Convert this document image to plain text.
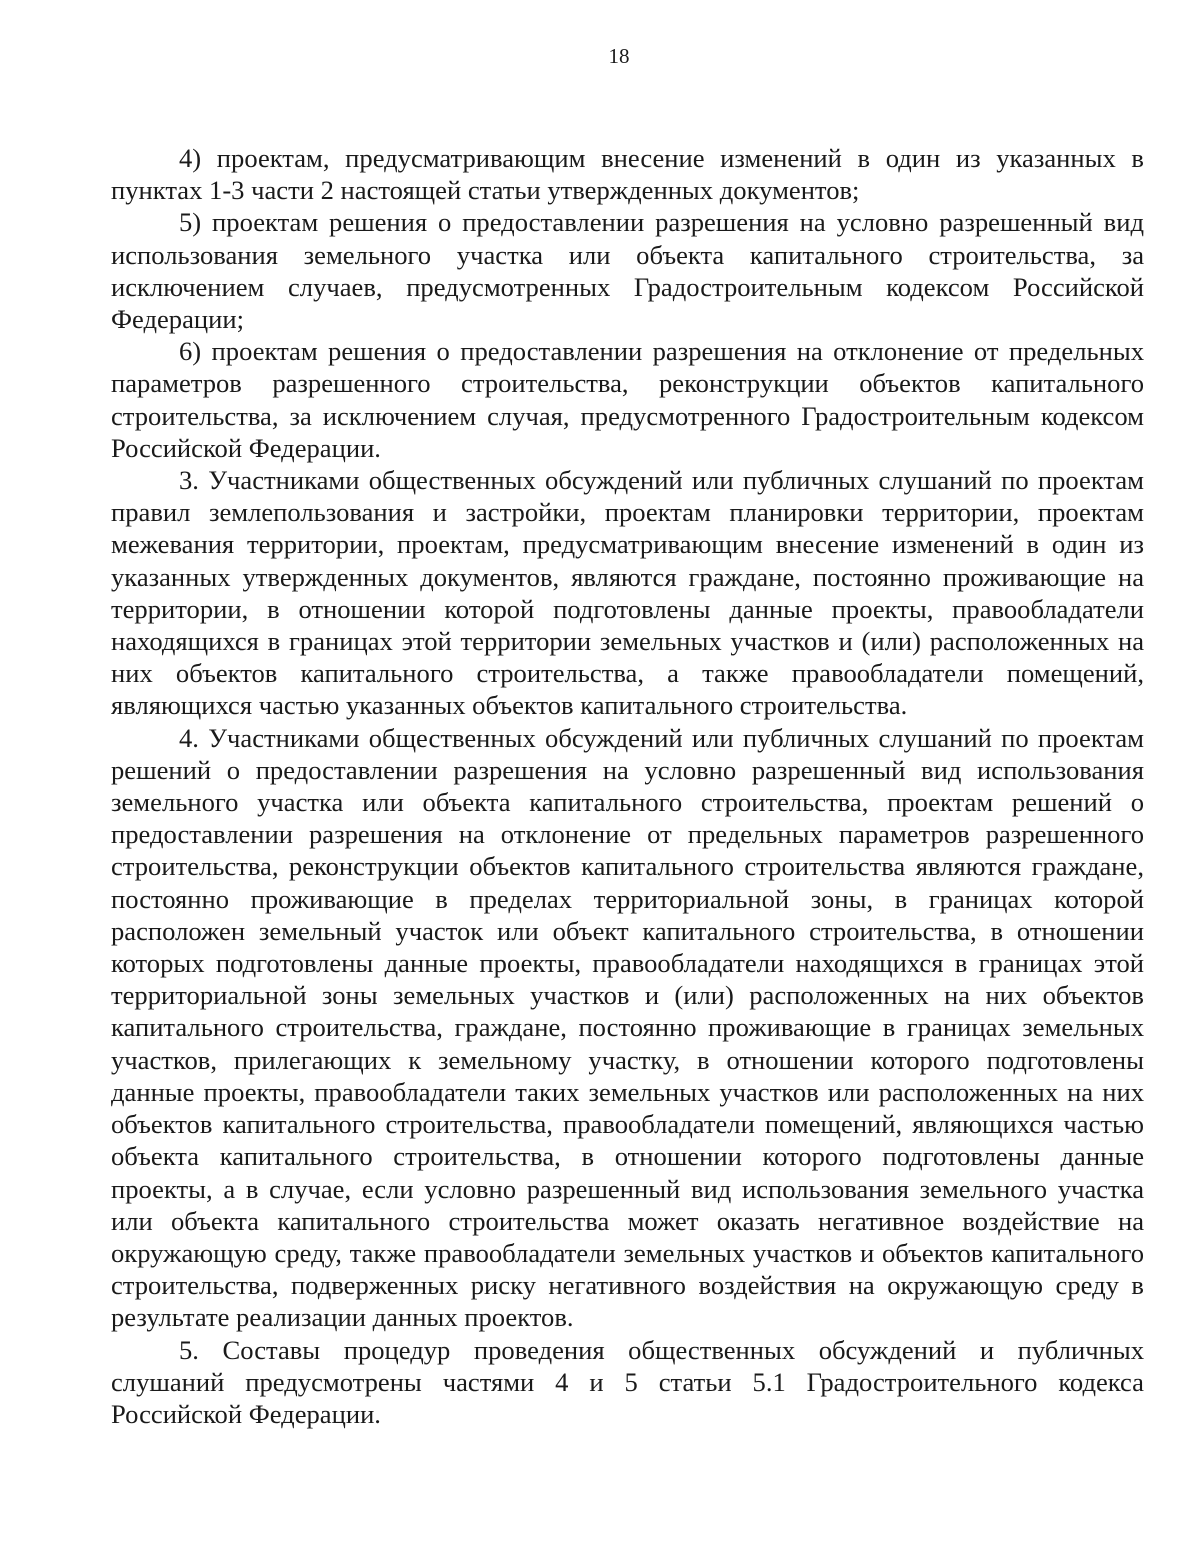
18

4) проектам, предусматривающим внесение изменений в один из указанных в пунктах 1-3 части 2 настоящей статьи утвержденных документов;

5) проектам решения о предоставлении разрешения на условно разрешенный вид использования земельного участка или объекта капитального строительства, за исключением случаев, предусмотренных Градостроительным кодексом Российской Федерации;

6) проектам решения о предоставлении разрешения на отклонение от предельных параметров разрешенного строительства, реконструкции объектов капитального строительства, за исключением случая, предусмотренного Градостроительным кодексом Российской Федерации.

3. Участниками общественных обсуждений или публичных слушаний по проектам правил землепользования и застройки, проектам планировки территории, проектам межевания территории, проектам, предусматривающим внесение изменений в один из указанных утвержденных документов, являются граждане, постоянно проживающие на территории, в отношении которой подготовлены данные проекты, правообладатели находящихся в границах этой территории земельных участков и (или) расположенных на них объектов капитального строительства, а также правообладатели помещений, являющихся частью указанных объектов капитального строительства.

4. Участниками общественных обсуждений или публичных слушаний по проектам решений о предоставлении разрешения на условно разрешенный вид использования земельного участка или объекта капитального строительства, проектам решений о предоставлении разрешения на отклонение от предельных параметров разрешенного строительства, реконструкции объектов капитального строительства являются граждане, постоянно проживающие в пределах территориальной зоны, в границах которой расположен земельный участок или объект капитального строительства, в отношении которых подготовлены данные проекты, правообладатели находящихся в границах этой территориальной зоны земельных участков и (или) расположенных на них объектов капитального строительства, граждане, постоянно проживающие в границах земельных участков, прилегающих к земельному участку, в отношении которого подготовлены данные проекты, правообладатели таких земельных участков или расположенных на них объектов капитального строительства, правообладатели помещений, являющихся частью объекта капитального строительства, в отношении которого подготовлены данные проекты, а в случае, если условно разрешенный вид использования земельного участка или объекта капитального строительства может оказать негативное воздействие на окружающую среду, также правообладатели земельных участков и объектов капитального строительства, подверженных риску негативного воздействия на окружающую среду в результате реализации данных проектов.

5. Составы процедур проведения общественных обсуждений и публичных слушаний предусмотрены частями 4 и 5 статьи 5.1 Градостроительного кодекса Российской Федерации.
